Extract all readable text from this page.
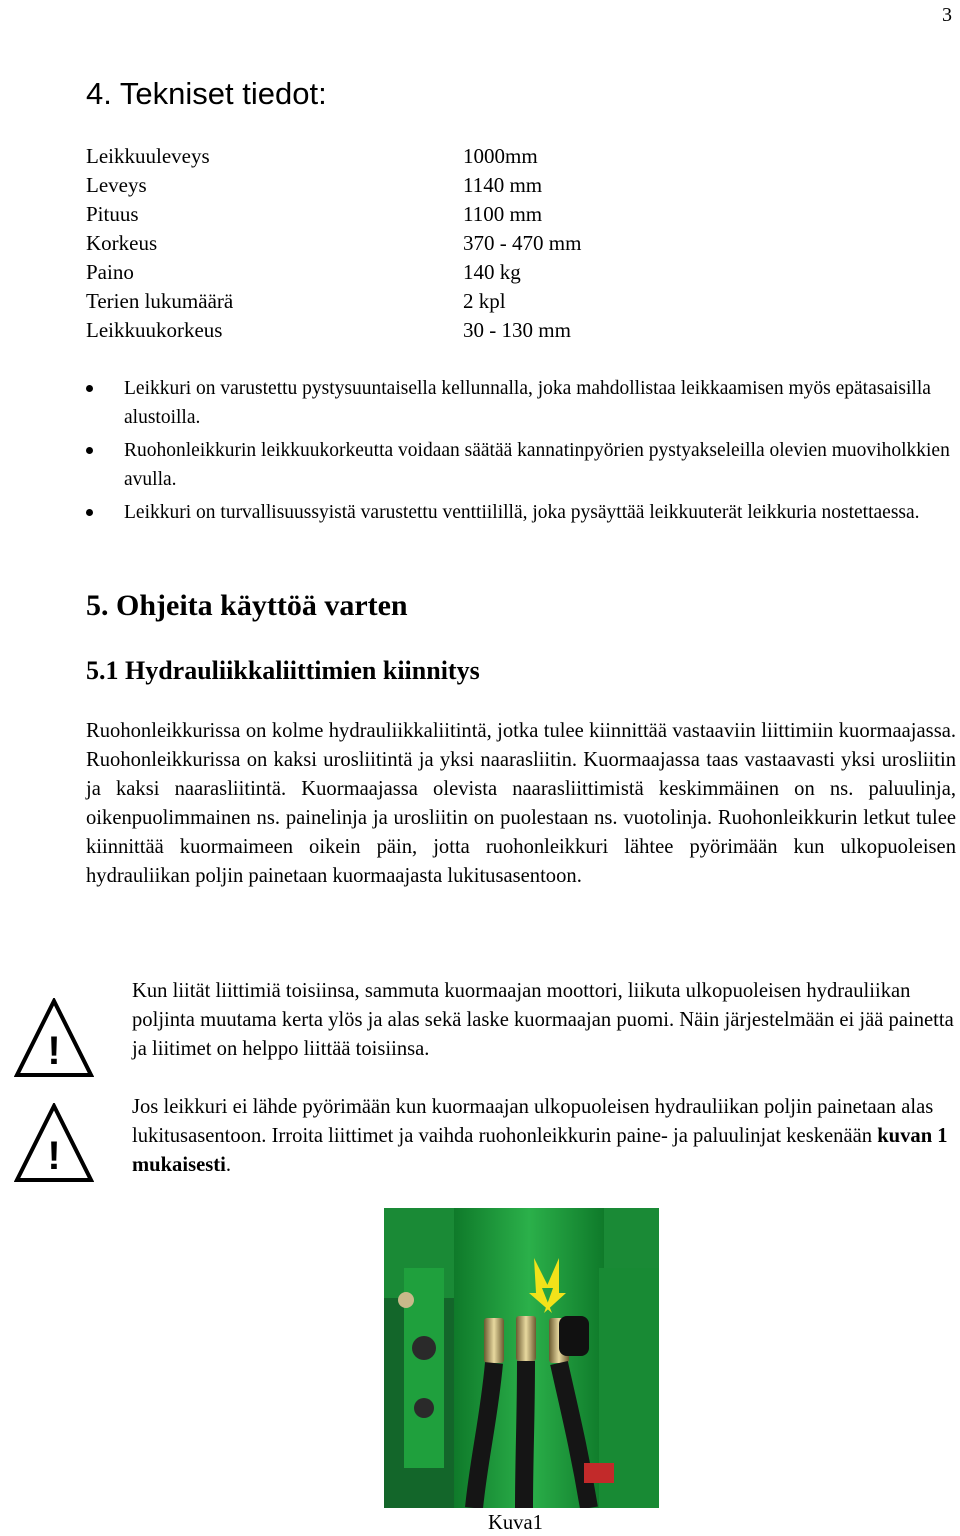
3
4. Tekniset tiedot:
Leikkuuleveys	1000mm
Leveys	1140 mm
Pituus	1100 mm
Korkeus	370 - 470 mm
Paino	140 kg
Terien lukumäärä	2 kpl
Leikkuukorkeus	30 - 130 mm
Leikkuri on varustettu pystysuuntaisella kellunnalla, joka mahdollistaa leikkaamisen myös epätasaisilla alustoilla.
Ruohonleikkurin leikkuukorkeutta voidaan säätää kannatinpyörien pystyakseleilla olevien muoviholkkien avulla.
Leikkuri on turvallisuussyistä varustettu venttiilillä, joka pysäyttää leikkuuterät leikkuria nostettaessa.
5. Ohjeita käyttöä varten
5.1 Hydrauliikkaliittimien kiinnitys

Ruohonleikkurissa on kolme hydrauliikkaliitintä, jotka tulee kiinnittää vastaaviin liittimiin kuormaajassa. Ruohonleikkurissa on kaksi urosliitintä ja yksi naarasliitin. Kuormaajassa taas vastaavasti yksi urosliitin ja kaksi naarasliitintä. Kuormaajassa olevista naarasliittimistä keskimmäinen on ns. paluulinja, oikenpuolimmainen ns. painelinja ja urosliitin on puolestaan ns. vuotolinja. Ruohonleikkurin letkut tulee kiinnittää kuormaimeen oikein päin, jotta ruohonleikkuri lähtee pyörimään kun ulkopuoleisen hydrauliikan poljin painetaan kuormaajasta lukitusasentoon.

!

Kun liität liittimiä toisiinsa, sammuta kuormaajan moottori, liikuta ulkopuoleisen hydrauliikan poljinta muutama kerta ylös ja alas sekä laske kuormaajan puomi. Näin järjestelmään ei jää painetta ja liitimet on helppo liittää toisiinsa.

!

Jos leikkuri ei lähde pyörimään kun kuormaajan ulkopuoleisen hydrauliikan poljin painetaan alas lukitusasentoon. Irroita liittimet ja vaihda ruohonleikkurin paine- ja paluulinjat keskenään kuvan 1 mukaisesti.

Kuva1
